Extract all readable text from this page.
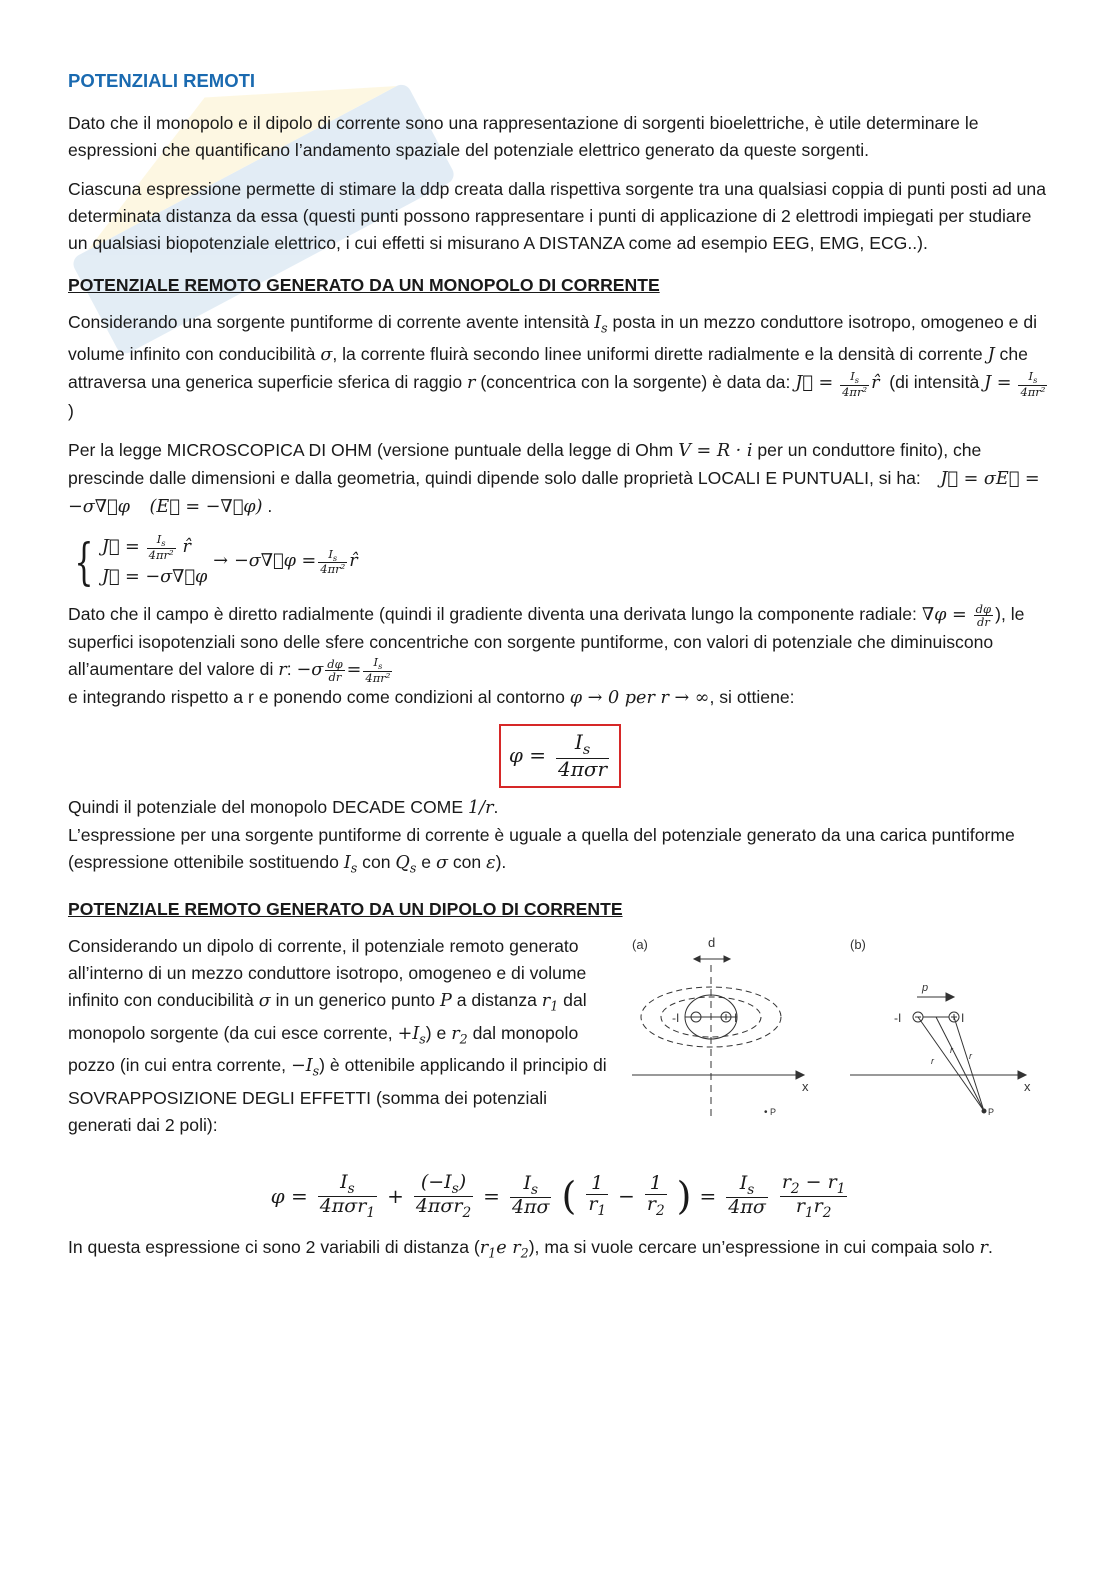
POTENZIALI REMOTI

Dato che il monopolo e il dipolo di corrente sono una rappresentazione di sorgenti bioelettriche, è utile determinare le espressioni che quantificano l’andamento spaziale del potenziale elettrico generato da queste sorgenti.

Ciascuna espressione permette di stimare la ddp creata dalla rispettiva sorgente tra una qualsiasi coppia di punti posti ad una determinata distanza da essa (questi punti possono rappresentare i punti di applicazione di 2 elettrodi impiegati per studiare un qualsiasi biopotenziale elettrico, i cui effetti si misurano A DISTANZA come ad esempio EEG, EMG, ECG..).

POTENZIALE REMOTO GENERATO DA UN MONOPOLO DI CORRENTE

Considerando una sorgente puntiforme di corrente avente intensità $I_s$ posta in un mezzo conduttore isotropo, omogeneo e di volume infinito con conducibilità σ, la corrente fluirà secondo linee uniformi dirette radialmente e la densità di corrente J che attraversa una generica superficie sferica di raggio r (concentrica con la sorgente) è data da: J⃗ = $\frac{I_s}{\text{4πr²}}$ r̂ (di intensità $J = \frac{I_s}{\text{4πr²}}$
)

Per la legge MICROSCOPICA DI OHM (versione puntuale della legge di Ohm V = R · i per un conduttore finito), che prescinde dalle dimensioni e dalla geometria, quindi dipende solo dalle proprietà LOCALI E PUNTUALI, si ha: J⃗ = σE⃗ = −σ∇⃗φ (E⃗ = −∇⃗φ) .

{ J⃗ = $\frac{I_s}{\text{4πr²}}$ r̂
J⃗ = −σ∇⃗φ
→ −σ∇⃗φ = $\frac{I_s}{\text{4πr²}}$ r̂

Dato che il campo è diretto radialmente (quindi il gradiente diventa una derivata lungo la componente radiale: $\nabla\varphi = \frac{d\varphi}{dr}$ ), le superfici isopotenziali sono delle sfere concentriche con sorgente puntiforme, con valori di potenziale che diminuiscono all’aumentare del valore di r: $-\sigma \frac{d\varphi}{dr} = \frac{I_s}{\text{4πr²}}$

e integrando rispetto a r e ponendo come condizioni al contorno φ → 0 per r → ∞, si ottiene:

$\varphi = \frac{I_s}{\text{4πσr}}$

Quindi il potenziale del monopolo DECADE COME 1/r.

L’espressione per una sorgente puntiforme di corrente è uguale a quella del potenziale generato da una carica puntiforme (espressione ottenibile sostituendo $I_s$ con $Q_s$ e σ con ε).

POTENZIALE REMOTO GENERATO DA UN DIPOLO DI CORRENTE

Considerando un dipolo di corrente, il potenziale remoto generato all’interno di un mezzo conduttore isotropo, omogeneo e di volume infinito con conducibilità σ in un generico punto P a distanza $r_1$ dal monopolo sorgente (da cui esce corrente, $+I_s$) e $r_2$ dal monopolo pozzo (in cui entra corrente, $-I_s$) è ottenibile applicando il principio di SOVRAPPOSIZIONE DEGLI EFFETTI (somma dei potenziali generati dai 2 poli):

(a)	(b)
d
-I	I
x
• P
p
-I	I
r
r
r
x
P
$\varphi = \frac{I_s}{4\pi\sigma r_1} + \frac{(-I_s)}{4\pi\sigma r_2} = \frac{I_s}{4\pi\sigma}$ ( $\frac{1}{r_1} - \frac{1}{r_2}$ ) = $\frac{I_s}{4\pi\sigma} \frac{r_2 - r_1}{r_1r_2}$

In questa espressione ci sono 2 variabili di distanza ($r_1e$ $r_2$), ma si vuole cercare un’espressione in cui compaia solo r.
